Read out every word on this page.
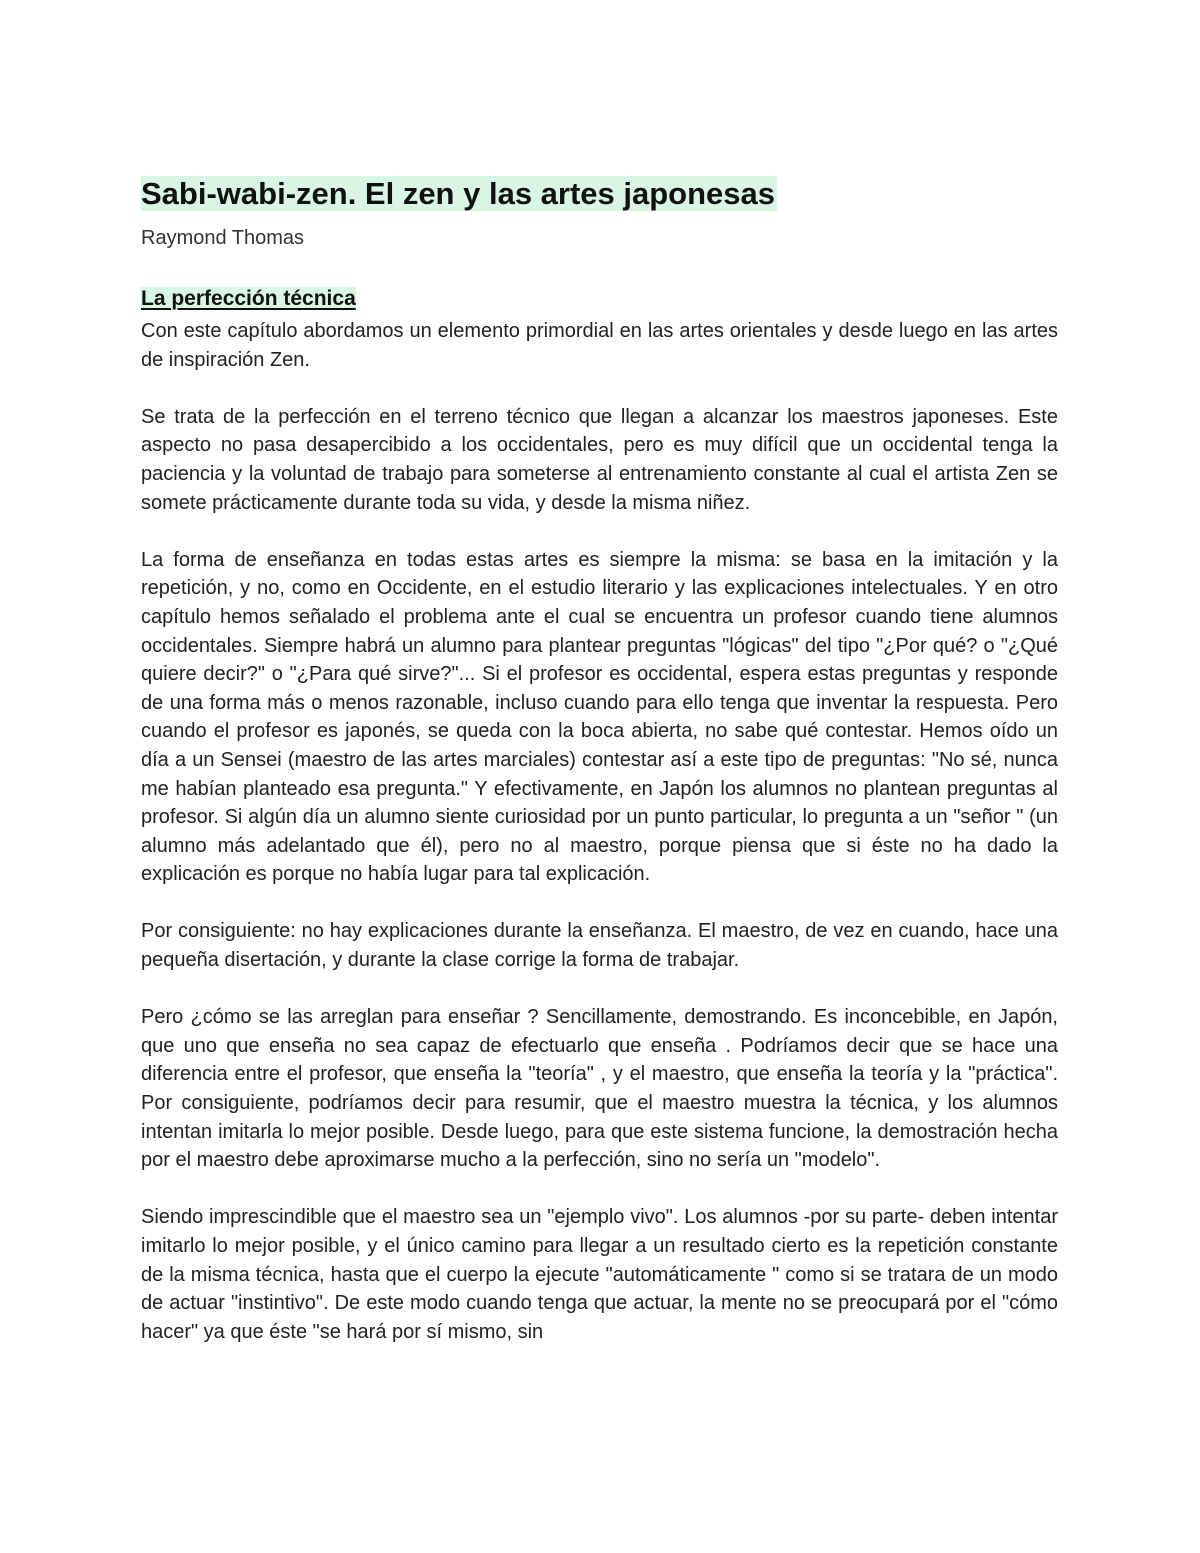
Sabi-wabi-zen. El zen y las artes japonesas

Raymond Thomas

La perfección técnica

Con este capítulo abordamos un elemento primordial en las artes orientales y desde luego en las artes de inspiración Zen.

Se trata de la perfección en el terreno técnico que llegan a alcanzar los maestros japoneses. Este aspecto no pasa desapercibido a los occidentales, pero es muy difícil que un occidental tenga la paciencia y la voluntad de trabajo para someterse al entrenamiento constante al cual el artista Zen se somete prácticamente durante toda su vida, y desde la misma niñez.

La forma de enseñanza en todas estas artes es siempre la misma: se basa en la imitación y la repetición, y no, como en Occidente, en el estudio literario y las explicaciones intelectuales. Y en otro capítulo hemos señalado el problema ante el cual se encuentra un profesor cuando tiene alumnos occidentales. Siempre habrá un alumno para plantear preguntas "lógicas" del tipo "¿Por qué? o "¿Qué quiere decir?" o "¿Para qué sirve?"... Si el profesor es occidental, espera estas preguntas y responde de una forma más o menos razonable, incluso cuando para ello tenga que inventar la respuesta. Pero cuando el profesor es japonés, se queda con la boca abierta, no sabe qué contestar. Hemos oído un día a un Sensei (maestro de las artes marciales) contestar así a este tipo de preguntas: "No sé, nunca me habían planteado esa pregunta." Y efectivamente, en Japón los alumnos no plantean preguntas al profesor. Si algún día un alumno siente curiosidad por un punto particular, lo pregunta a un "señor " (un alumno más adelantado que él), pero no al maestro, porque piensa que si éste no ha dado la explicación es porque no había lugar para tal explicación.

Por consiguiente: no hay explicaciones durante la enseñanza. El maestro, de vez en cuando, hace una pequeña disertación, y durante la clase corrige la forma de trabajar.

Pero ¿cómo se las arreglan para enseñar ? Sencillamente, demostrando. Es inconcebible, en Japón, que uno que enseña no sea capaz de efectuarlo que enseña . Podríamos decir que se hace una diferencia entre el profesor, que enseña la "teoría" , y el maestro, que enseña la teoría y la "práctica". Por consiguiente, podríamos decir para resumir, que el maestro muestra la técnica, y los alumnos intentan imitarla lo mejor posible. Desde luego, para que este sistema funcione, la demostración hecha por el maestro debe aproximarse mucho a la perfección, sino no sería un "modelo".

Siendo imprescindible que el maestro sea un "ejemplo vivo". Los alumnos -por su parte- deben intentar imitarlo lo mejor posible, y el único camino para llegar a un resultado cierto es la repetición constante de la misma técnica, hasta que el cuerpo la ejecute "automáticamente " como si se tratara de un modo de actuar "instintivo". De este modo cuando tenga que actuar, la mente no se preocupará por el "cómo hacer" ya que éste "se hará por sí mismo, sin
